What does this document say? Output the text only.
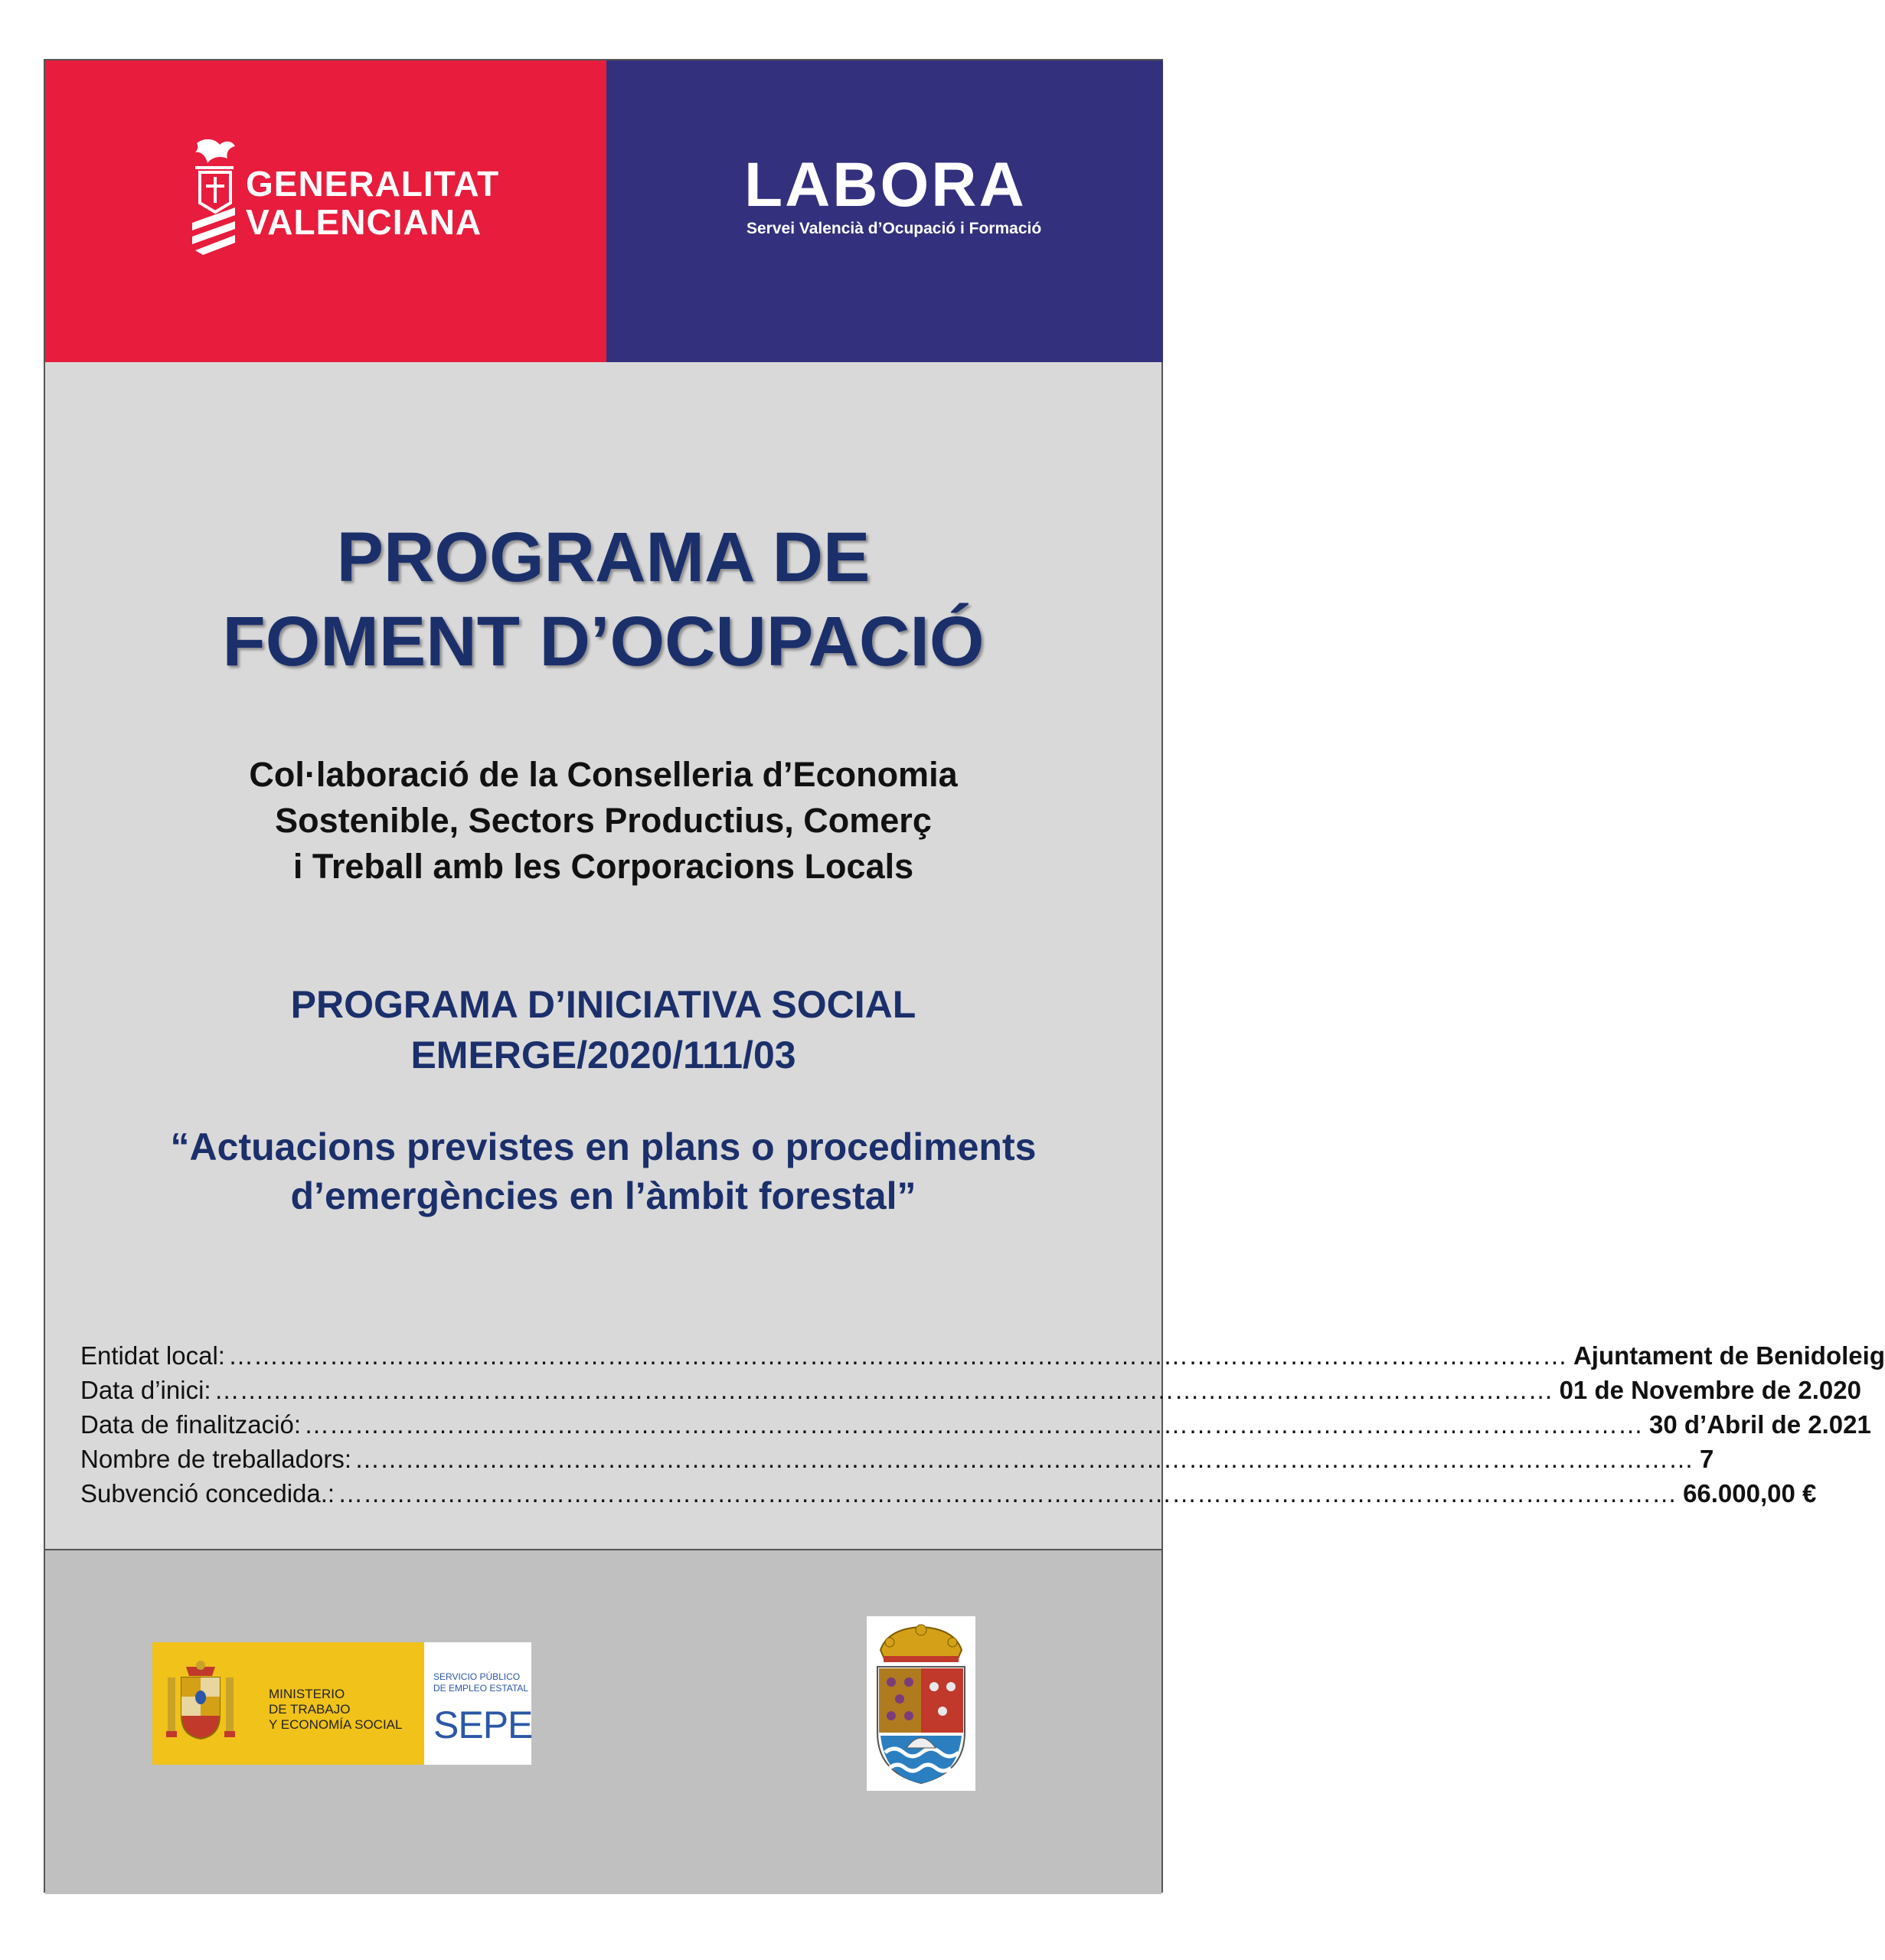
GENERALITAT
VALENCIANA
LABORA
Servei Valencià d’Ocupació i Formació
PROGRAMA DE
FOMENT D’OCUPACIÓ
Col·laboració de la Conselleria d’Economia
Sostenible, Sectors Productius, Comerç
i Treball amb les Corporacions Locals
PROGRAMA D’INICIATIVA SOCIAL
EMERGE/2020/111/03
“Actuacions previstes en plans o procediments
d’emergències en l’àmbit forestal”
Entidat local: …………………………………………………………………………………………………………………………………………… Ajuntament de Benidoleig
Data d’inici: …………………………………………………………………………………………………………………………………………… 01 de Novembre de 2.020
Data de finalització: …………………………………………………………………………………………………………………………………………… 30 d’Abril de 2.021
Nombre de treballadors: …………………………………………………………………………………………………………………………………………… 7
Subvenció concedida.: …………………………………………………………………………………………………………………………………………… 66.000,00 €
MINISTERIO
DE TRABAJO
Y ECONOMÍA SOCIAL
SERVICIO PÚBLICO
DE EMPLEO ESTATAL
SEPE
